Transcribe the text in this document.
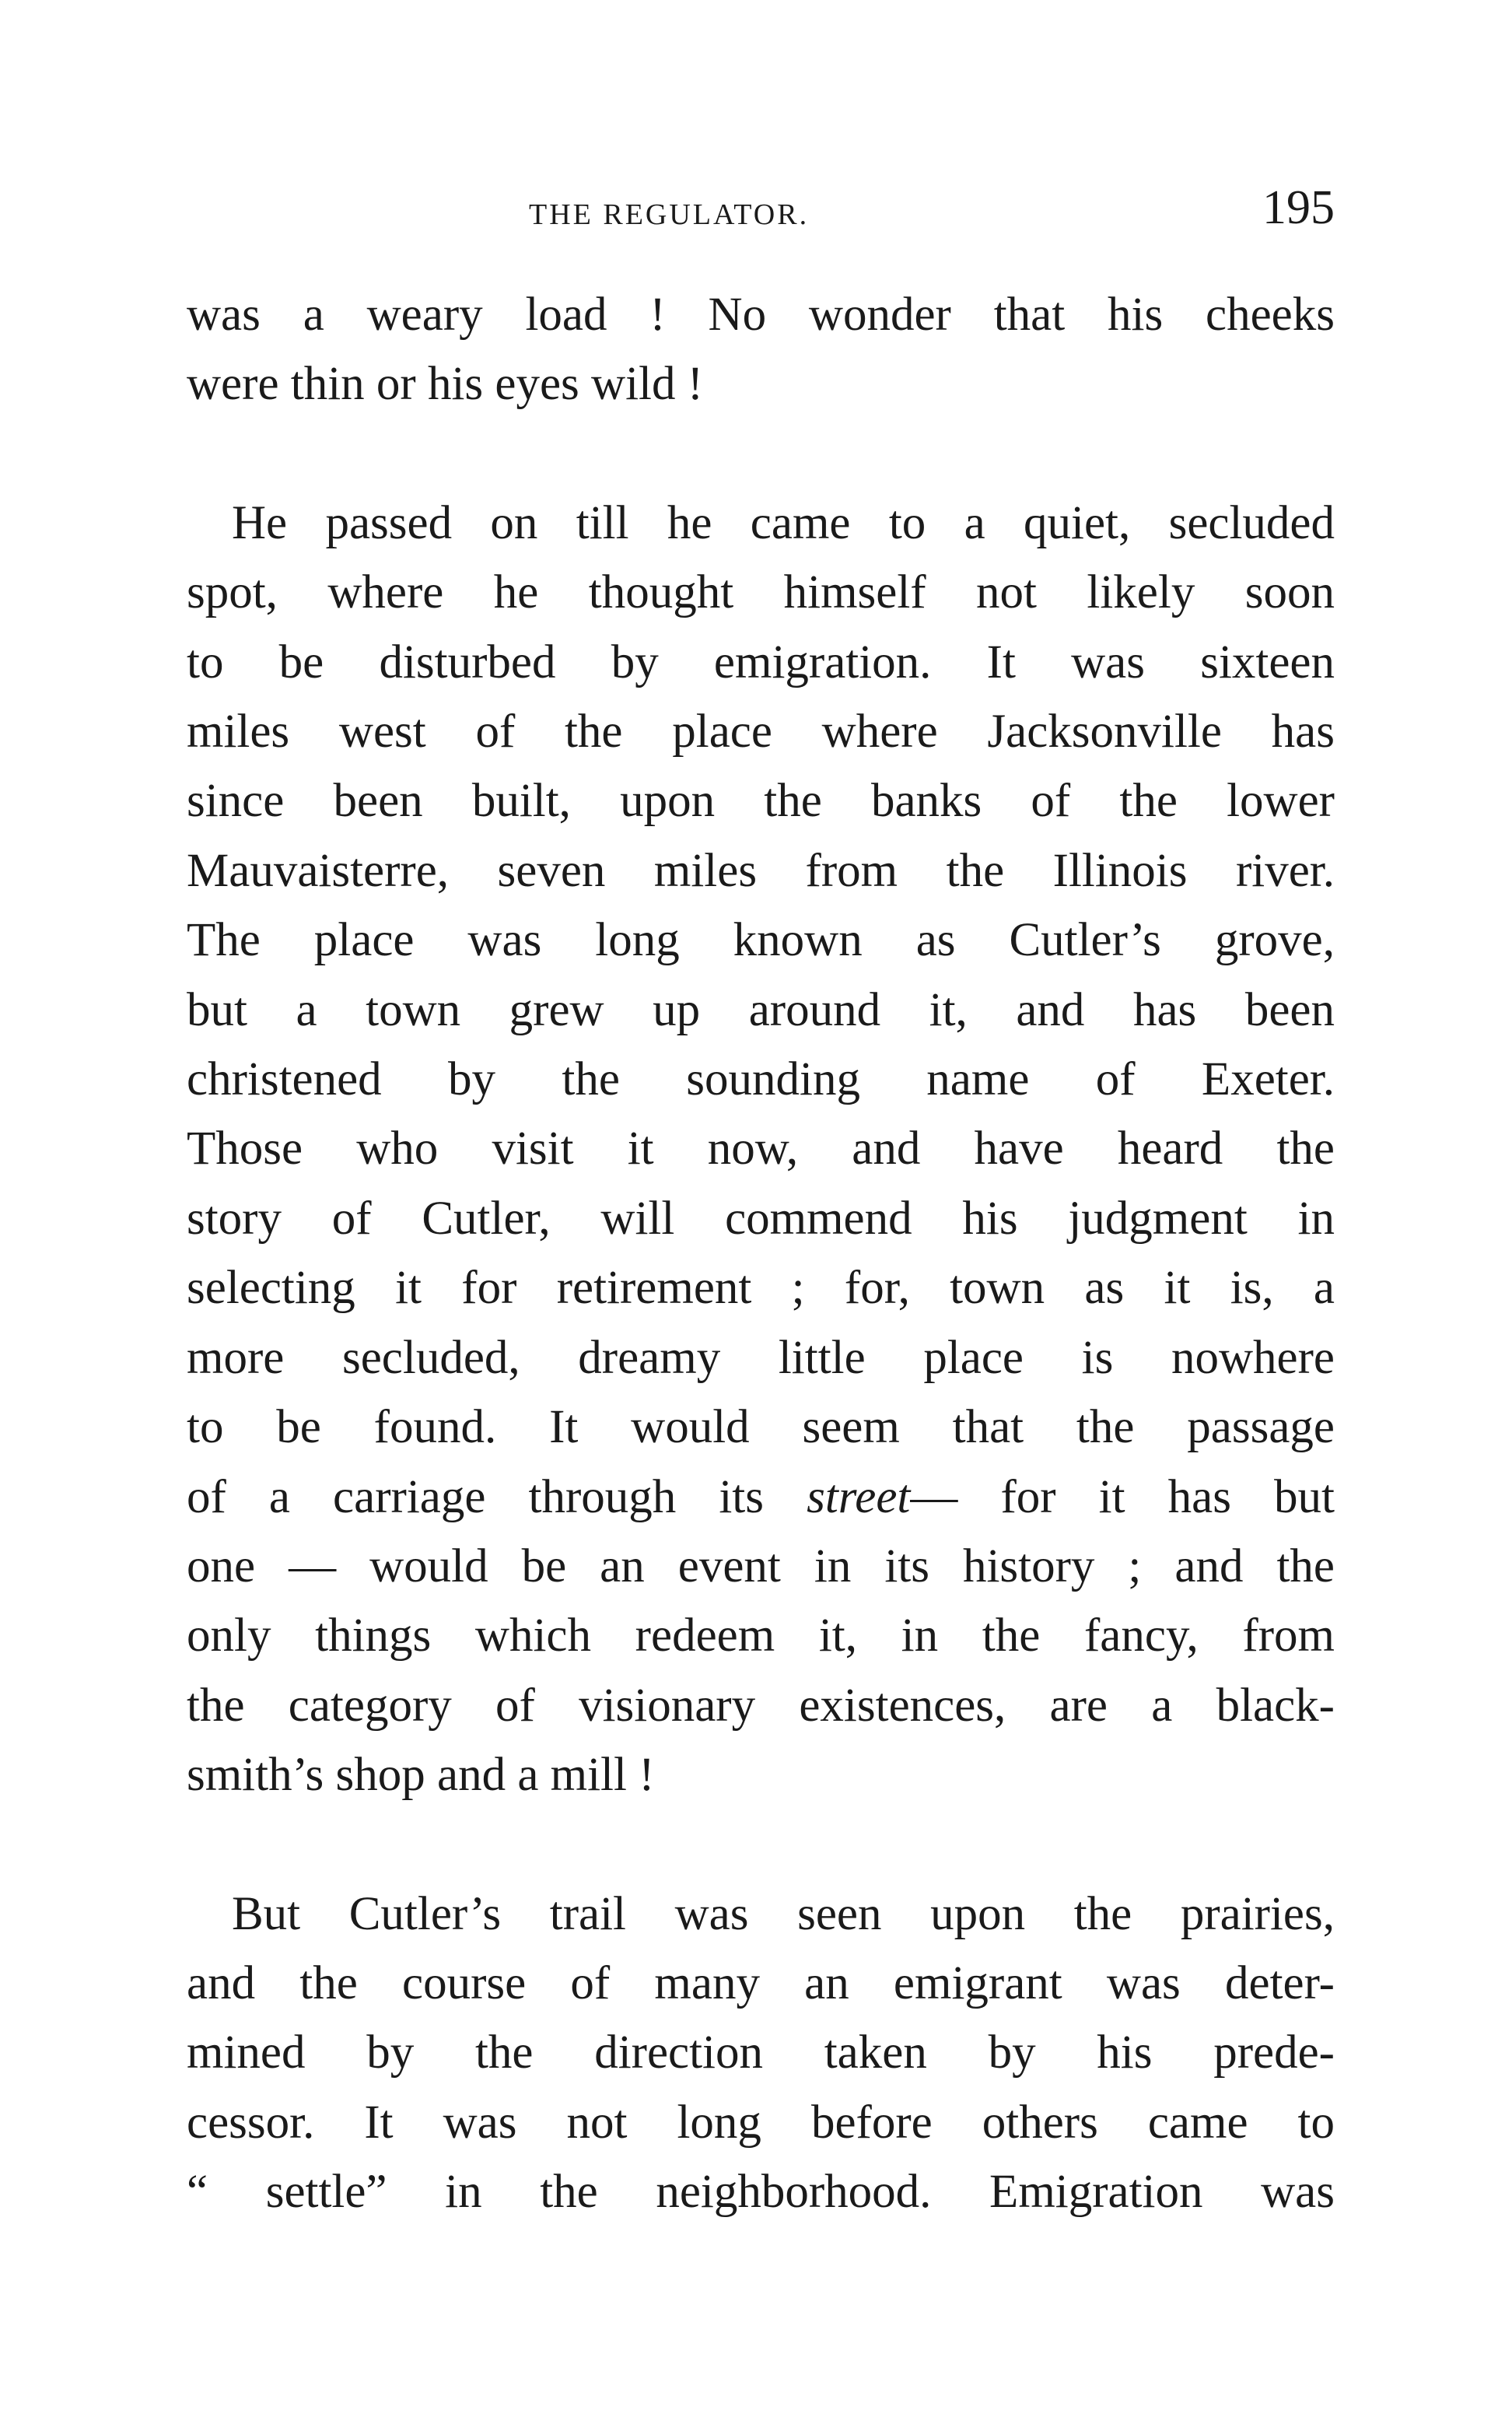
THE REGULATOR.	195
was a weary load ! No wonder that his cheeks
were thin or his eyes wild !
He passed on till he came to a quiet, secluded
spot, where he thought himself not likely soon
to be disturbed by emigration. It was sixteen
miles west of the place where Jacksonville has
since been built, upon the banks of the lower
Mauvaisterre, seven miles from the Illinois river.
The place was long known as Cutler’s grove,
but a town grew up around it, and has been
christened by the sounding name of Exeter.
Those who visit it now, and have heard the
story of Cutler, will commend his judgment in
selecting it for retirement ; for, town as it is, a
more secluded, dreamy little place is nowhere
to be found. It would seem that the passage
of a carriage through its street— for it has but
one — would be an event in its history ; and the
only things which redeem it, in the fancy, from
the category of visionary existences, are a black-
smith’s shop and a mill !
But Cutler’s trail was seen upon the prairies,
and the course of many an emigrant was deter-
mined by the direction taken by his prede-
cessor. It was not long before others came to
“ settle” in the neighborhood. Emigration was
